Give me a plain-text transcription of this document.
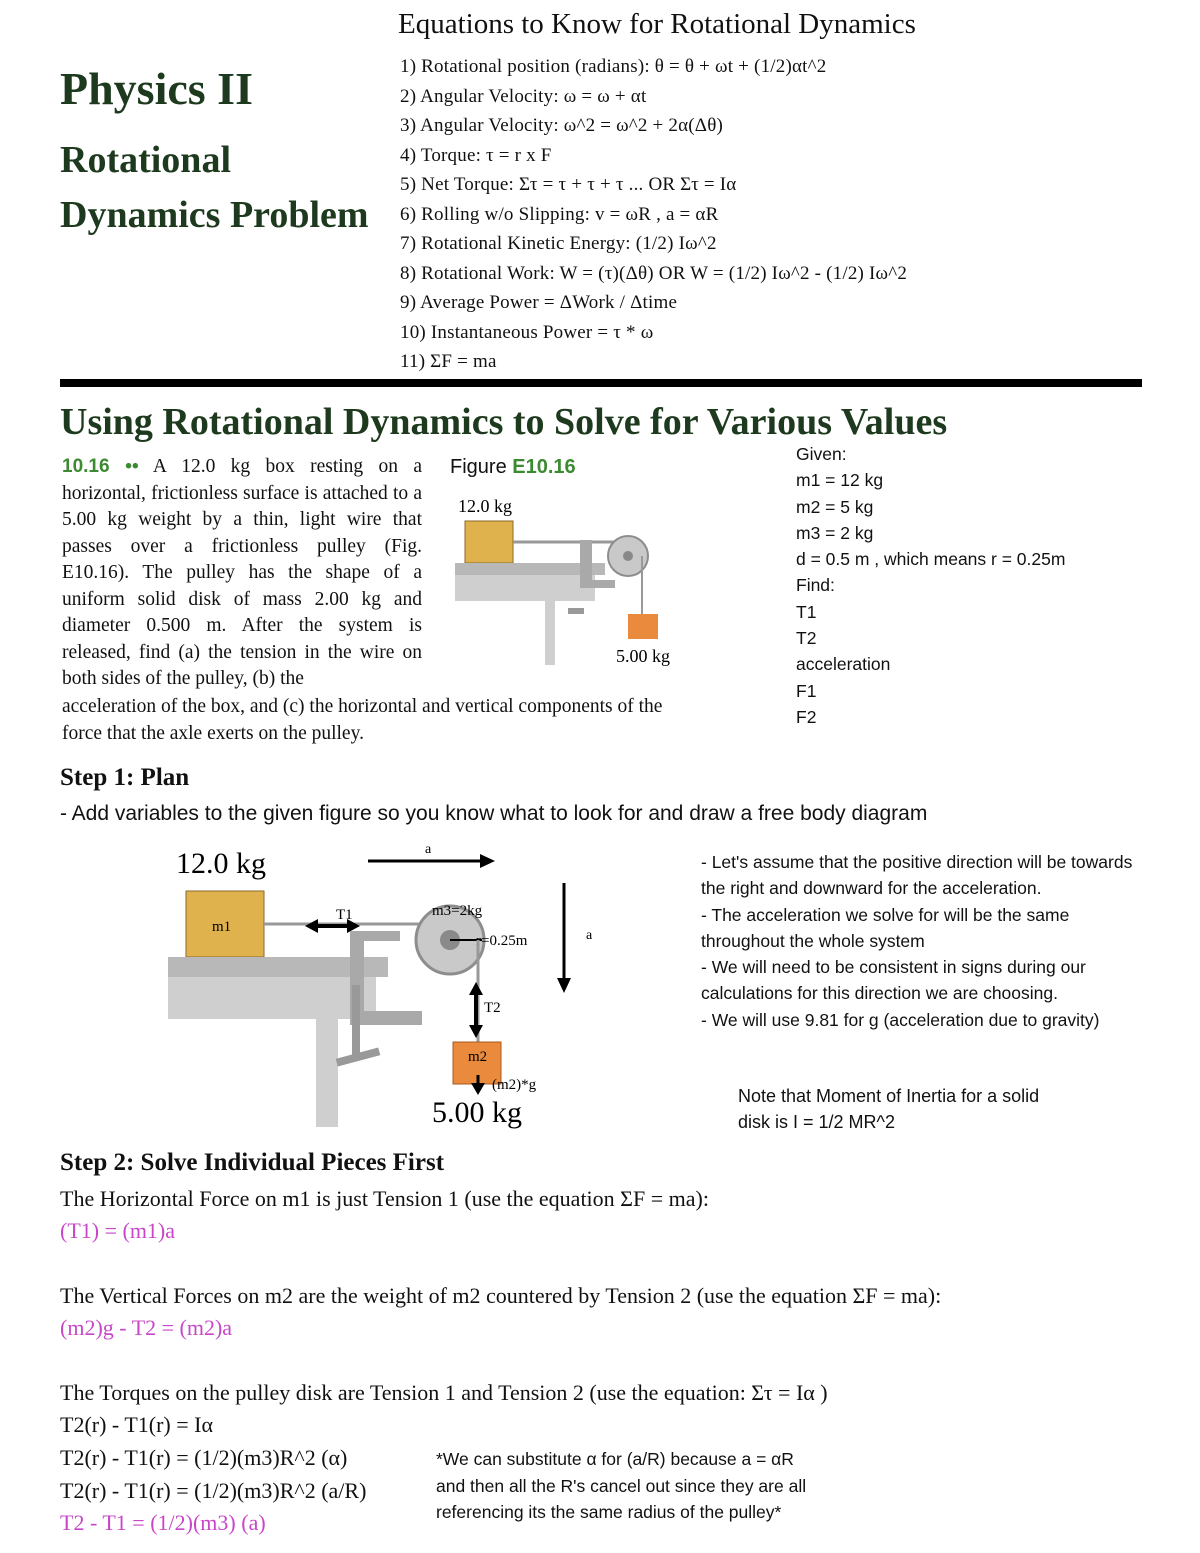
Physics II
Rotational
Dynamics Problem
Equations to Know for Rotational Dynamics
1) Rotational position (radians): θ = θ + ωt + (1/2)αt^2
2) Angular Velocity: ω = ω + αt
3) Angular Velocity: ω^2 = ω^2 + 2α(Δθ)
4) Torque: τ = r x F
5) Net Torque: Στ = τ + τ + τ ... OR Στ = Iα
6) Rolling w/o Slipping: v = ωR , a = αR
7) Rotational Kinetic Energy: (1/2) Iω^2
8) Rotational Work: W = (τ)(Δθ) OR W = (1/2) Iω^2 - (1/2) Iω^2
9) Average Power = ΔWork / Δtime
10) Instantaneous Power = τ * ω
11) ΣF = ma
Using Rotational Dynamics to Solve for Various Values
10.16 •• A 12.0 kg box resting on a horizontal, frictionless surface is attached to a 5.00 kg weight by a thin, light wire that passes over a frictionless pulley (Fig. E10.16). The pulley has the shape of a uniform solid disk of mass 2.00 kg and diameter 0.500 m. After the system is released, find (a) the tension in the wire on both sides of the pulley, (b) the
acceleration of the box, and (c) the horizontal and vertical components of the force that the axle exerts on the pulley.
Figure E10.16
12.0 kg
5.00 kg
Given:
m1 = 12 kg
m2 = 5 kg
m3 = 2 kg
d = 0.5 m , which means r = 0.25m
Find:
T1
T2
acceleration
F1
F2
Step 1: Plan
- Add variables to the given figure so you know what to look for and draw a free body diagram
12.0 kg	a
m1
T1	m3=2kg
r=0.25m
T2
m2
(m2)*g
5.00 kg
a
- Let's assume that the positive direction will be towards the right and downward for the acceleration.
- The acceleration we solve for will be the same throughout the whole system
- We will need to be consistent in signs during our calculations for this direction we are choosing.
- We will use 9.81 for g (acceleration due to gravity)
Note that Moment of Inertia for a solid
disk is I = 1/2 MR^2
Step 2: Solve Individual Pieces First
The Horizontal Force on m1 is just Tension 1 (use the equation ΣF = ma):
(T1) = (m1)a
The Vertical Forces on m2 are the weight of m2 countered by Tension 2 (use the equation ΣF = ma):
(m2)g - T2 = (m2)a
The Torques on the pulley disk are Tension 1 and Tension 2 (use the equation: Στ = Iα )
T2(r) - T1(r) = Iα
T2(r) - T1(r) = (1/2)(m3)R^2 (α)
T2(r) - T1(r) = (1/2)(m3)R^2 (a/R)
T2 - T1 = (1/2)(m3) (a)
*We can substitute α for (a/R) because a = αR
and then all the R's cancel out since they are all
referencing its the same radius of the pulley*
